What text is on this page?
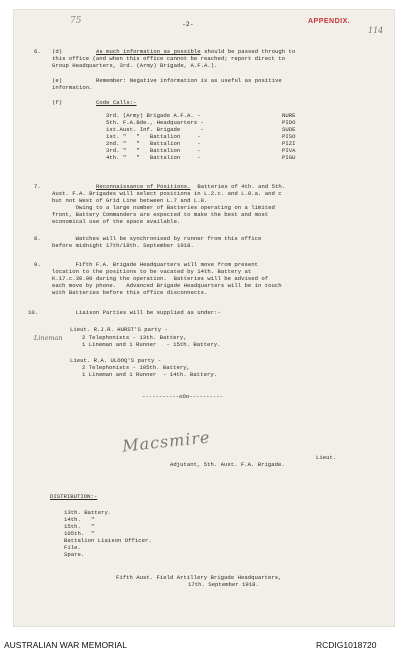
75	-2-	APPENDIX.
114
6. (d)	As much information as possible should be passed through to
this office (and when this office cannot be reached; report direct to
Group Headquarters, 3rd. (Army) Brigade, A.F.A.).
(e)	Remember: Negative information is as useful as positive
information.
(f)	Code Calls:-
3rd. (Army) Brigade A.F.A. -	NURE
5th. F.A.Bde., Headquarters -	PIDO
1st.Aust. Inf. Brigade      -	SUDE
1st. "   "   Battalion     -	PISO
2nd. "   "   Battalion     -	PIZI
3rd. "   "   Battalion     -	PIVA
4th. "   "   Battalion     -	PIGU
7.	Reconnaissance of Positions.  Batteries of 4th. and 5th.
Aust. F.A. Brigades will select positions in L.2.c. and L.8.a. and c
but not West of Grid Line between L.7 and L.8.
Owing to a large number of Batteries operating on a limited
front, Battery Commanders are expected to make the best and most
economical use of the space available.
8. Watches will be synchronised by runner from this office
before midnight 17th/18th. September 1918.
9. Fifth F.A. Brigade Headquarters will move from present
location to the positions to be vacated by 14th. Battery at
K.17.c.30.90 during the operation.  Batteries will be advised of
each move by phone.   Advanced Brigade Headquarters will be in touch
with Batteries before this office disconnects.
10. Liaison Parties will be supplied as under:-
Lieut. R.J.R. HURST'S party -
Lineman	2 Telephonists - 13th. Battery,
1 Lineman and 1 Runner   - 15th. Battery.
Lieut. R.A. ULOOQ'S party -
2 Telephonists - 105th. Battery,
1 Lineman and 1 Runner  - 14th. Battery.
-----------oOo----------
Macsmire
Lieut.
Adjutant, 5th. Aust. F.A. Brigade.
DISTRIBUTION:-
13th. Battery.
14th.   "
15th.   "
105th.  "
Battalion Liaison Officer.
File.
Spare.
Fifth Aust. Field Artillery Brigade Headquarters,
17th. September 1918.
AUSTRALIAN WAR MEMORIAL	RCDIG1018720
